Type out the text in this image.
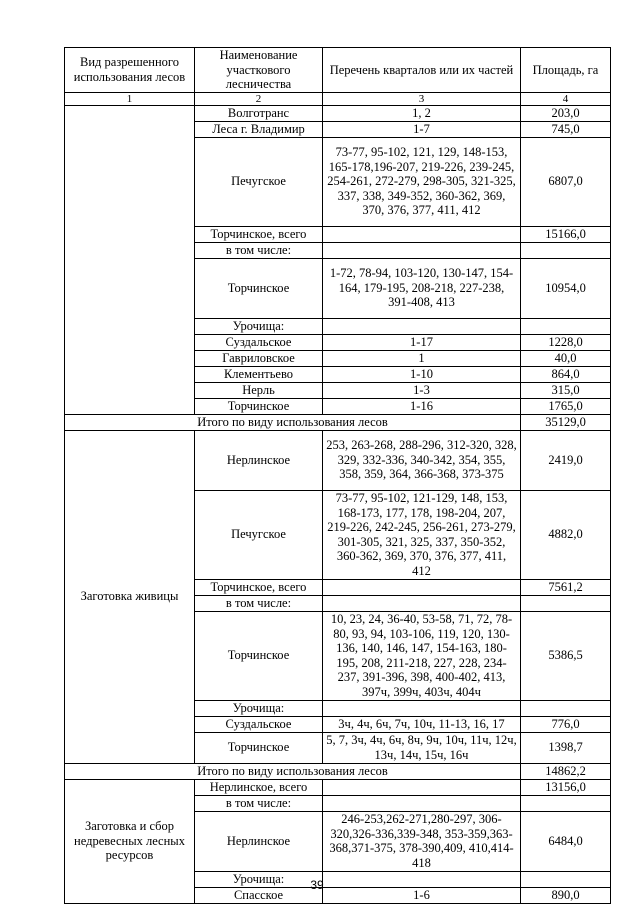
Вид разрешенного использования лесов	Наименование участкового лесничества	Перечень кварталов или их частей	Площадь, га
1	2	3	4
	Волготранс	1, 2	203,0
	Леса г. Владимир	1-7	745,0
	Печугское	73-77, 95-102, 121, 129, 148-153, 165-178,196-207, 219-226, 239-245, 254-261, 272-279, 298-305, 321-325, 337, 338, 349-352, 360-362, 369, 370, 376, 377, 411, 412	6807,0
	Торчинское, всего		15166,0
	в том числе:		
	Торчинское	1-72, 78-94, 103-120, 130-147, 154-164, 179-195, 208-218, 227-238, 391-408, 413	10954,0
	Урочища:		
	Суздальское	1-17	1228,0
	Гавриловское	1	40,0
	Клементьево	1-10	864,0
	Нерль	1-3	315,0
	Торчинское	1-16	1765,0
Итого по виду использования лесов			35129,0
Заготовка живицы	Нерлинское	253, 263-268, 288-296, 312-320, 328, 329, 332-336, 340-342, 354, 355, 358, 359, 364, 366-368, 373-375	2419,0
	Печугское	73-77, 95-102, 121-129, 148, 153, 168-173, 177, 178, 198-204, 207, 219-226, 242-245, 256-261, 273-279, 301-305, 321, 325, 337, 350-352, 360-362, 369, 370, 376, 377, 411, 412	4882,0
	Торчинское, всего		7561,2
	в том числе:		
	Торчинское	10, 23, 24, 36-40, 53-58, 71, 72, 78-80, 93, 94, 103-106, 119, 120, 130-136, 140, 146, 147, 154-163, 180-195, 208, 211-218, 227, 228, 234-237, 391-396, 398, 400-402, 413, 397ч, 399ч, 403ч, 404ч	5386,5
	Урочища:		
	Суздальское	3ч, 4ч, 6ч, 7ч, 10ч, 11-13, 16, 17	776,0
	Торчинское	5, 7, 3ч, 4ч, 6ч, 8ч, 9ч, 10ч, 11ч, 12ч, 13ч, 14ч, 15ч, 16ч	1398,7
Итого по виду использования лесов			14862,2
Заготовка и сбор недревесных лесных ресурсов	Нерлинское, всего		13156,0
	в том числе:		
	Нерлинское	246-253,262-271,280-297, 306-320,326-336,339-348, 353-359,363-368,371-375, 378-390,409, 410,414-418	6484,0
	Урочища:		
	Спасское	1-6	890,0
39
